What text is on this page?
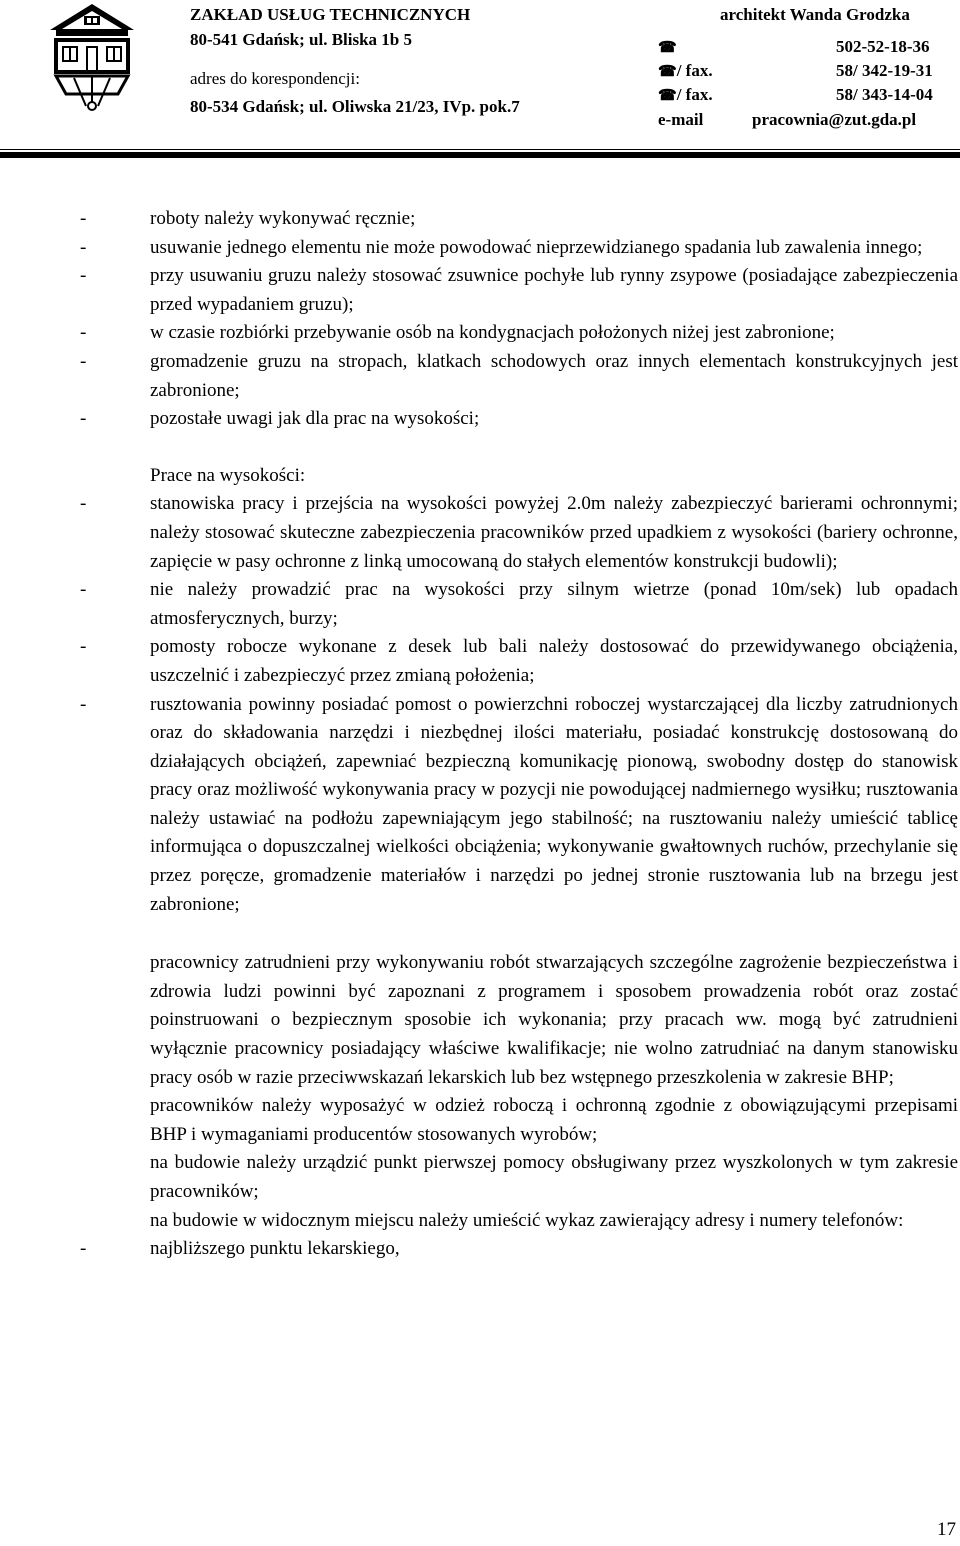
ZAKŁAD USŁUG TECHNICZNYCH
80-541 Gdańsk; ul. Bliska 1b 5
adres do korespondencji:
80-534 Gdańsk; ul. Oliwska 21/23, IVp. pok.7
architekt Wanda Grodzka
☎	502-52-18-36
☎/ fax.	58/ 342-19-31
☎/ fax.	58/ 343-14-04
e-mail	pracownia@zut.gda.pl
- roboty należy wykonywać ręcznie;
- usuwanie jednego elementu nie może powodować nieprzewidzianego spadania lub zawalenia innego;
- przy usuwaniu gruzu należy stosować zsuwnice pochyłe lub rynny zsypowe (posiadające zabezpieczenia przed wypadaniem gruzu);
- w czasie rozbiórki przebywanie osób na kondygnacjach położonych niżej jest zabronione;
- gromadzenie gruzu na stropach, klatkach schodowych oraz innych elementach konstrukcyjnych jest zabronione;
- pozostałe uwagi jak dla prac na wysokości;
Prace na wysokości:
- stanowiska pracy i przejścia na wysokości powyżej 2.0m należy zabezpieczyć barierami ochronnymi; należy stosować skuteczne zabezpieczenia pracowników przed upadkiem z wysokości (bariery ochronne, zapięcie w pasy ochronne z linką umocowaną do stałych elementów konstrukcji budowli);
- nie należy prowadzić prac na wysokości przy silnym wietrze (ponad 10m/sek) lub opadach atmosferycznych, burzy;
- pomosty robocze wykonane z desek lub bali należy dostosować do przewidywanego obciążenia, uszczelnić i zabezpieczyć przez zmianą położenia;
- rusztowania powinny posiadać pomost o powierzchni roboczej wystarczającej dla liczby zatrudnionych oraz do składowania narzędzi i niezbędnej ilości materiału, posiadać konstrukcję dostosowaną do działających obciążeń, zapewniać bezpieczną komunikację pionową, swobodny dostęp do stanowisk pracy oraz możliwość wykonywania pracy w pozycji nie powodującej nadmiernego wysiłku; rusztowania należy ustawiać na podłożu zapewniającym jego stabilność; na rusztowaniu należy umieścić tablicę informująca o dopuszczalnej wielkości obciążenia; wykonywanie gwałtownych ruchów, przechylanie się przez poręcze, gromadzenie materiałów i narzędzi po jednej stronie rusztowania lub na brzegu jest zabronione;
pracownicy zatrudnieni przy wykonywaniu robót stwarzających szczególne zagrożenie bezpieczeństwa i zdrowia ludzi powinni być zapoznani z programem i sposobem prowadzenia robót oraz zostać poinstruowani o bezpiecznym sposobie ich wykonania; przy pracach ww. mogą być zatrudnieni wyłącznie pracownicy posiadający właściwe kwalifikacje; nie wolno zatrudniać na danym stanowisku pracy osób w razie przeciwwskazań lekarskich lub bez wstępnego przeszkolenia w zakresie BHP;
pracowników należy wyposażyć w odzież roboczą i ochronną zgodnie z obowiązującymi przepisami BHP i wymaganiami producentów stosowanych wyrobów;
na budowie należy urządzić punkt pierwszej pomocy obsługiwany przez wyszkolonych w tym zakresie pracowników;
na budowie w widocznym miejscu należy umieścić wykaz zawierający adresy i numery telefonów:
- najbliższego punktu lekarskiego,
17
